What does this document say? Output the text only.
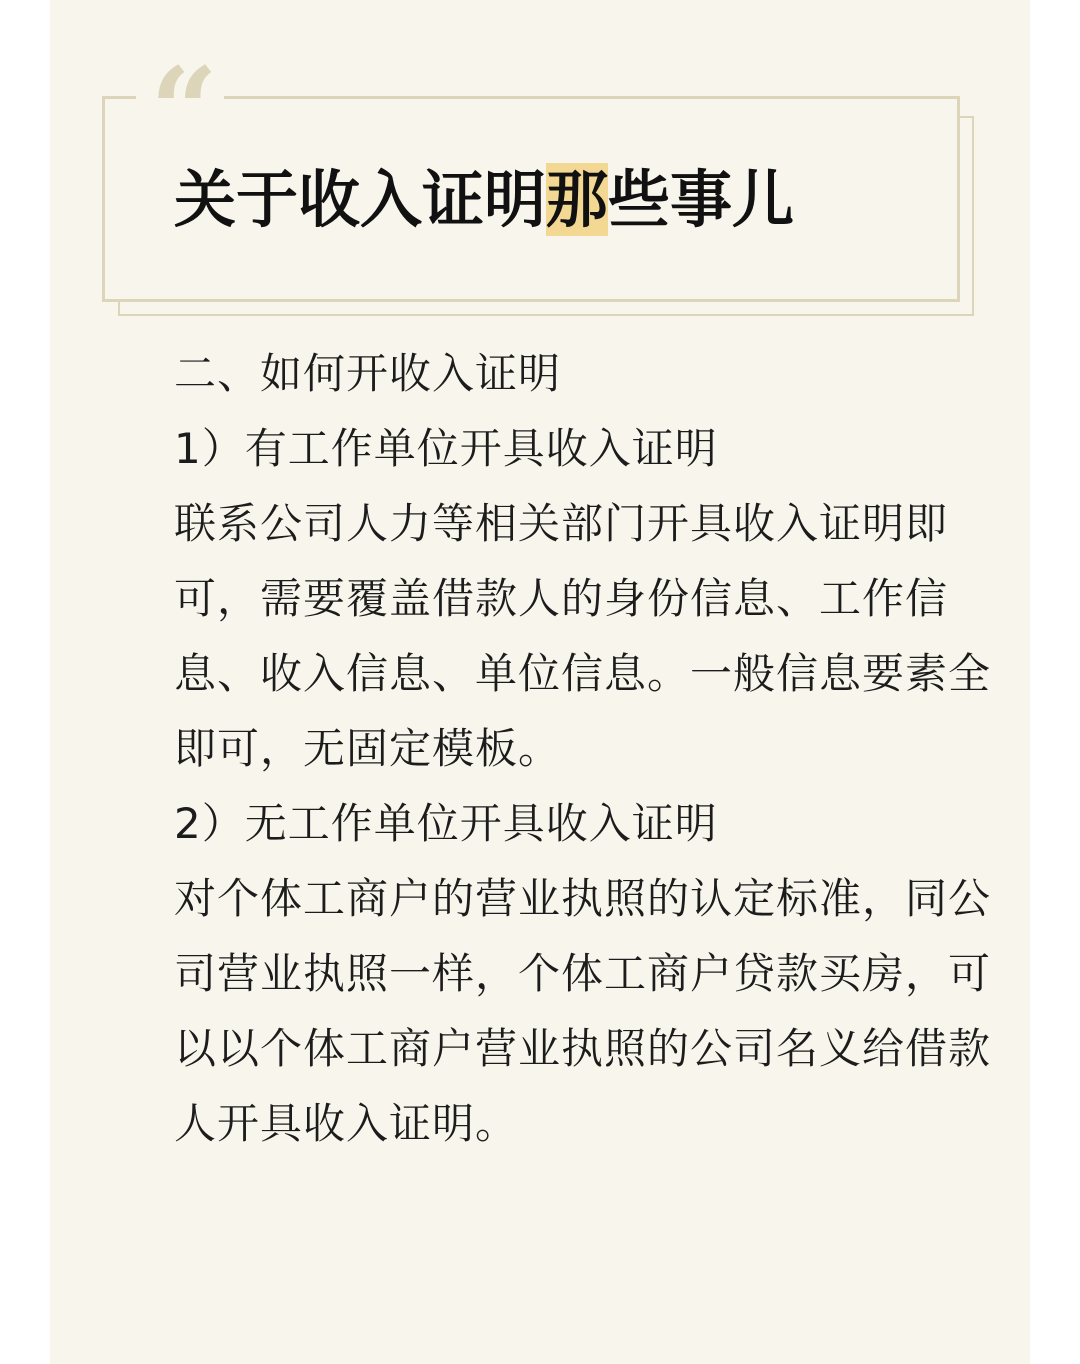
“
关于收入证明那些事儿

二、如何开收入证明

1）有工作单位开具收入证明

联系公司人力等相关部门开具收入证明即

可，需要覆盖借款人的身份信息、工作信

息、收入信息、单位信息。一般信息要素全

即可，无固定模板。

2）无工作单位开具收入证明

对个体工商户的营业执照的认定标准，同公

司营业执照一样，个体工商户贷款买房，可

以以个体工商户营业执照的公司名义给借款

人开具收入证明。
